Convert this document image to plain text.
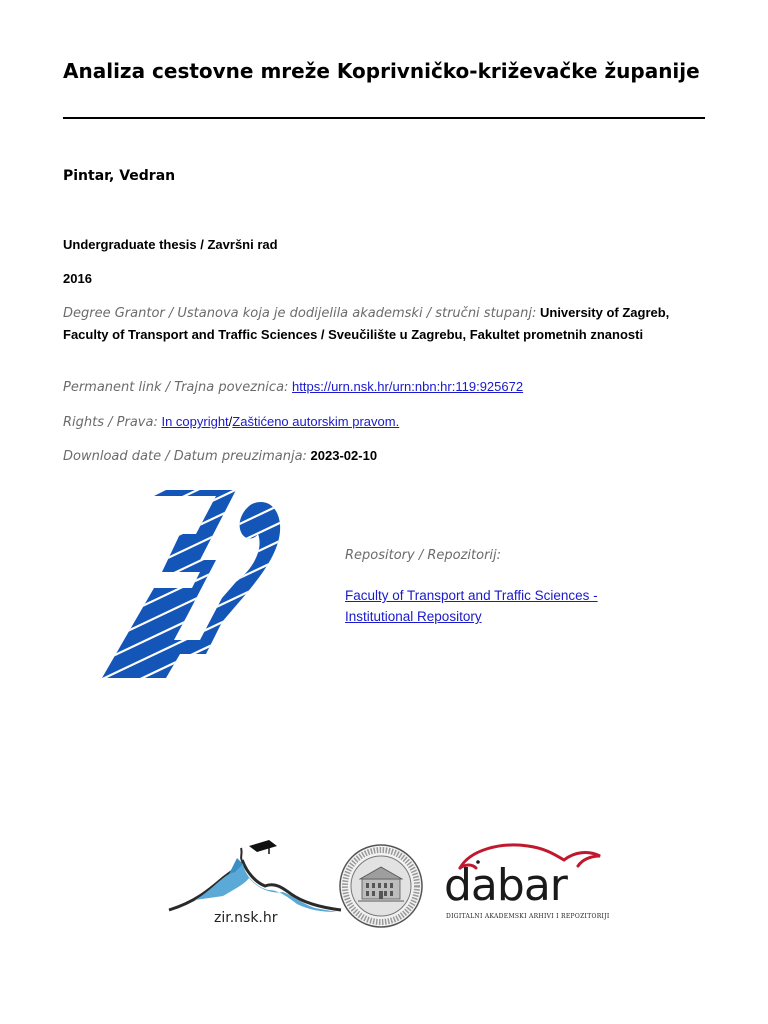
Analiza cestovne mreže Koprivničko-križevačke županije
Pintar, Vedran
Undergraduate thesis / Završni rad
2016
Degree Grantor / Ustanova koja je dodijelila akademski / stručni stupanj: University of Zagreb, Faculty of Transport and Traffic Sciences / Sveučilište u Zagrebu, Fakultet prometnih znanosti
Permanent link / Trajna poveznica: https://urn.nsk.hr/urn:nbn:hr:119:925672
Rights / Prava: In copyright/Zaštićeno autorskim pravom.
Download date / Datum preuzimanja: 2023-02-10
Repository / Repozitorij:
Faculty of Transport and Traffic Sciences -
Institutional Repository
zir.nsk.hr
dabar
DIGITALNI AKADEMSKI ARHIVI I REPOZITORIJI
